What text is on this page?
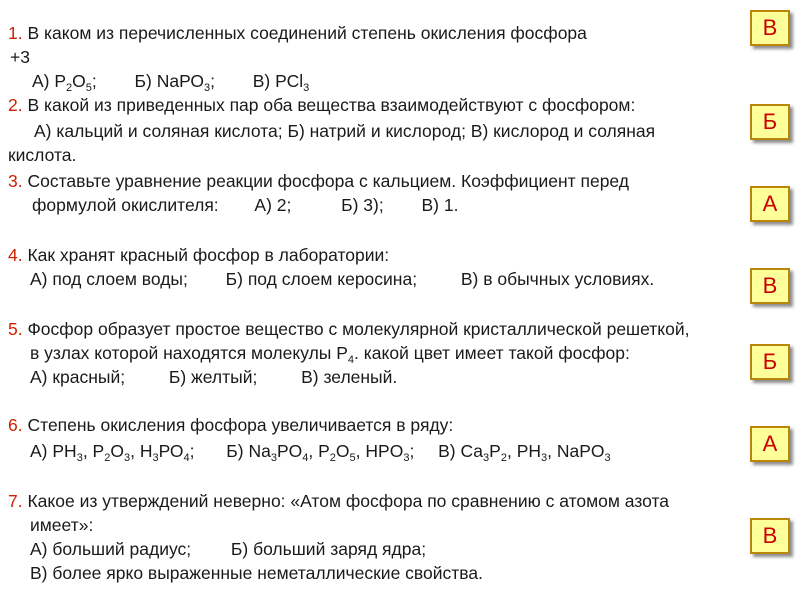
1. В каком из перечисленных соединений степень окисления фосфора
+3
А) $Р_2О_5$; Б) NаРО$_3$; В) РСl$_3$
2. В какой из приведенных пар оба вещества взаимодействуют с фосфором:
А) кальций и соляная кислота; Б) натрий и кислород; В) кислород и соляная
кислота.
3. Составьте уравнение реакции фосфора с кальцием. Коэффициент перед
формулой окислителя: А) 2;	Б) 3); В) 1.
4. Как хранят красный фосфор в лаборатории:
А) под слоем воды; Б) под слоем керосина;	В) в обычных условиях.
5. Фосфор образует простое вещество с молекулярной кристаллической решеткой,
в узлах которой находятся молекулы $Р_4$. какой цвет имеет такой фосфор:
А) красный;	Б) желтый;	В) зеленый.
6. Степень окисления фосфора увеличивается в ряду:
А) $РН_3$, $Р_2О_3$, $Н_3РО_4$; Б) $Na_3PO_4$, $P_2O_5$, $HPO_3$; В) $Са_3Р_2$, $РН_3$, NaPO$_3$
7. Какое из утверждений неверно: «Атом фосфора по сравнению с атомом азота
имеет»:
А) больший радиус; Б) больший заряд ядра;
В) более ярко выраженные неметаллические свойства.
В
Б
А
В
Б
А
В
